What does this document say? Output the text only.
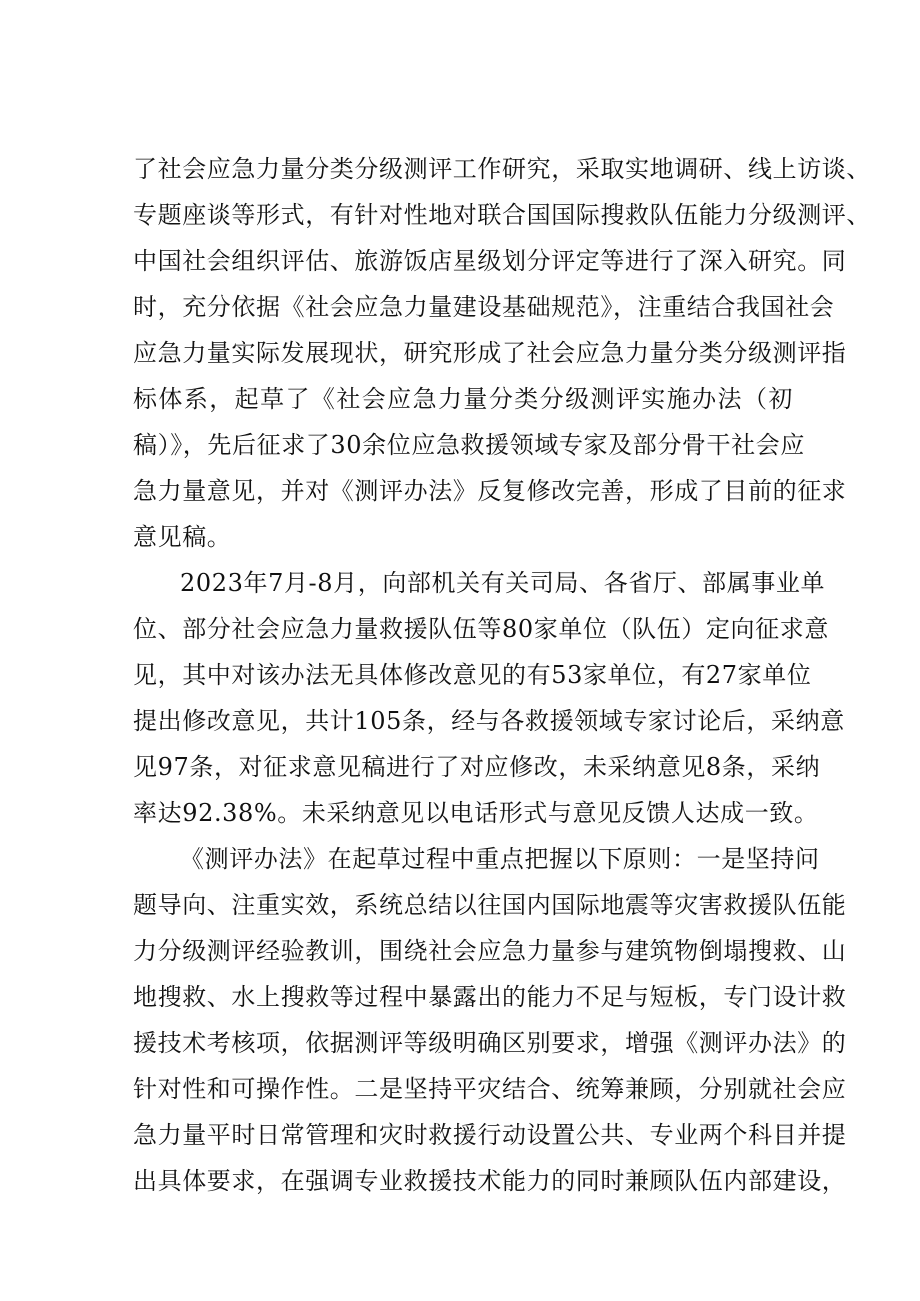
了社会应急力量分类分级测评工作研究，采取实地调研、线上访谈、
专题座谈等形式，有针对性地对联合国国际搜救队伍能力分级测评、
中国社会组织评估、旅游饭店星级划分评定等进行了深入研究。同
时，充分依据《社会应急力量建设基础规范》，注重结合我国社会
应急力量实际发展现状，研究形成了社会应急力量分类分级测评指
标体系，起草了《社会应急力量分类分级测评实施办法（初
稿）》，先后征求了30余位应急救援领域专家及部分骨干社会应
急力量意见，并对《测评办法》反复修改完善，形成了目前的征求
意见稿。
2023年7月-8月，向部机关有关司局、各省厅、部属事业单
位、部分社会应急力量救援队伍等80家单位（队伍）定向征求意
见，其中对该办法无具体修改意见的有53家单位，有27家单位
提出修改意见，共计105条，经与各救援领域专家讨论后，采纳意
见97条，对征求意见稿进行了对应修改，未采纳意见8条，采纳
率达92.38%。未采纳意见以电话形式与意见反馈人达成一致。
《测评办法》在起草过程中重点把握以下原则：一是坚持问
题导向、注重实效，系统总结以往国内国际地震等灾害救援队伍能
力分级测评经验教训，围绕社会应急力量参与建筑物倒塌搜救、山
地搜救、水上搜救等过程中暴露出的能力不足与短板，专门设计救
援技术考核项，依据测评等级明确区别要求，增强《测评办法》的
针对性和可操作性。二是坚持平灾结合、统筹兼顾，分别就社会应
急力量平时日常管理和灾时救援行动设置公共、专业两个科目并提
出具体要求，在强调专业救援技术能力的同时兼顾队伍内部建设，
